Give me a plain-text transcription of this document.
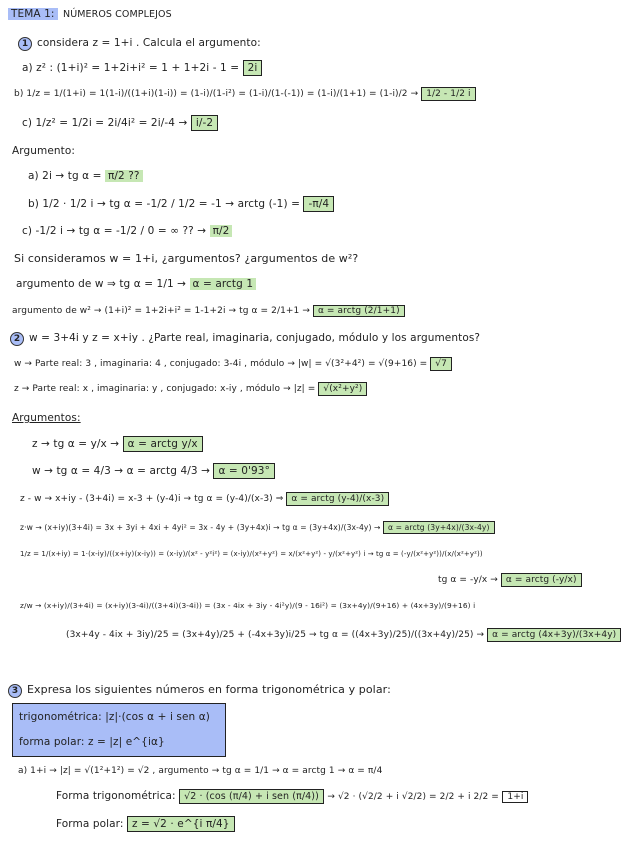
TEMA 1: NÚMEROS COMPLEJOS
1 considera z = 1+i . Calcula el argumento:
a) z² : (1+i)² = 1+2i+i² = 1 + 1+2i - 1 = 2i
b) 1/z = 1/(1+i) = 1(1-i)/((1+i)(1-i)) = (1-i)/(1-i²) = (1-i)/(1-(-1)) = (1-i)/(1+1) = (1-i)/2 → 1/2 - 1/2 i
c) 1/z² = 1/2i = 2i/4i² = 2i/-4 → i/-2
Argumento:
a) 2i → tg α = π/2 ??
b) 1/2 · 1/2 i → tg α = -1/2 / 1/2 = -1 → arctg (-1) = -π/4
c) -1/2 i → tg α = -1/2 / 0 = ∞ ?? → π/2
Si consideramos w = 1+i, ¿argumentos? ¿argumentos de w²?
argumento de w ⇒ tg α = 1/1 → α = arctg 1
argumento de w² → (1+i)² = 1+2i+i² = 1-1+2i → tg α = 2/1+1 → α = arctg (2/1+1)
2 w = 3+4i y z = x+iy . ¿Parte real, imaginaria, conjugado, módulo y los argumentos?
w → Parte real: 3 , imaginaria: 4 , conjugado: 3-4i , módulo → |w| = √(3²+4²) = √(9+16) = √7
z → Parte real: x , imaginaria: y , conjugado: x-iy , módulo → |z| = √(x²+y²)
Argumentos:
z → tg α = y/x → α = arctg y/x
w → tg α = 4/3 → α = arctg 4/3 → α = 0'93°
z - w → x+iy - (3+4i) = x-3 + (y-4)i → tg α = (y-4)/(x-3) ⇒ α = arctg (y-4)/(x-3)
z·w → (x+iy)(3+4i) = 3x + 3yi + 4xi + 4yi² = 3x - 4y + (3y+4x)i → tg α = (3y+4x)/(3x-4y) → α = arctg (3y+4x)/(3x-4y)
1/z = 1/(x+iy) = 1·(x-iy)/((x+iy)(x-iy)) = (x-iy)/(x² - y²i²) = (x-iy)/(x²+y²) = x/(x²+y²) - y/(x²+y²) i → tg α = (-y/(x²+y²))/(x/(x²+y²))
tg α = -y/x → α = arctg (-y/x)
z/w → (x+iy)/(3+4i) = (x+iy)(3-4i)/((3+4i)(3-4i)) = (3x - 4ix + 3iy - 4i²y)/(9 - 16i²) = (3x+4y)/(9+16) + (4x+3y)/(9+16) i
(3x+4y - 4ix + 3iy)/25 = (3x+4y)/25 + (-4x+3y)i/25 → tg α = ((4x+3y)/25)/((3x+4y)/25) → α = arctg (4x+3y)/(3x+4y)
3 Expresa los siguientes números en forma trigonométrica y polar:
trigonométrica: |z|·(cos α + i sen α)
forma polar: z = |z| e^{iα}
a) 1+i → |z| = √(1²+1²) = √2 , argumento → tg α = 1/1 → α = arctg 1 → α = π/4
Forma trigonométrica: √2 · (cos (π/4) + i sen (π/4)) → √2 · (√2/2 + i √2/2) = 2/2 + i 2/2 = 1+i
Forma polar: z = √2 · e^{i π/4}
